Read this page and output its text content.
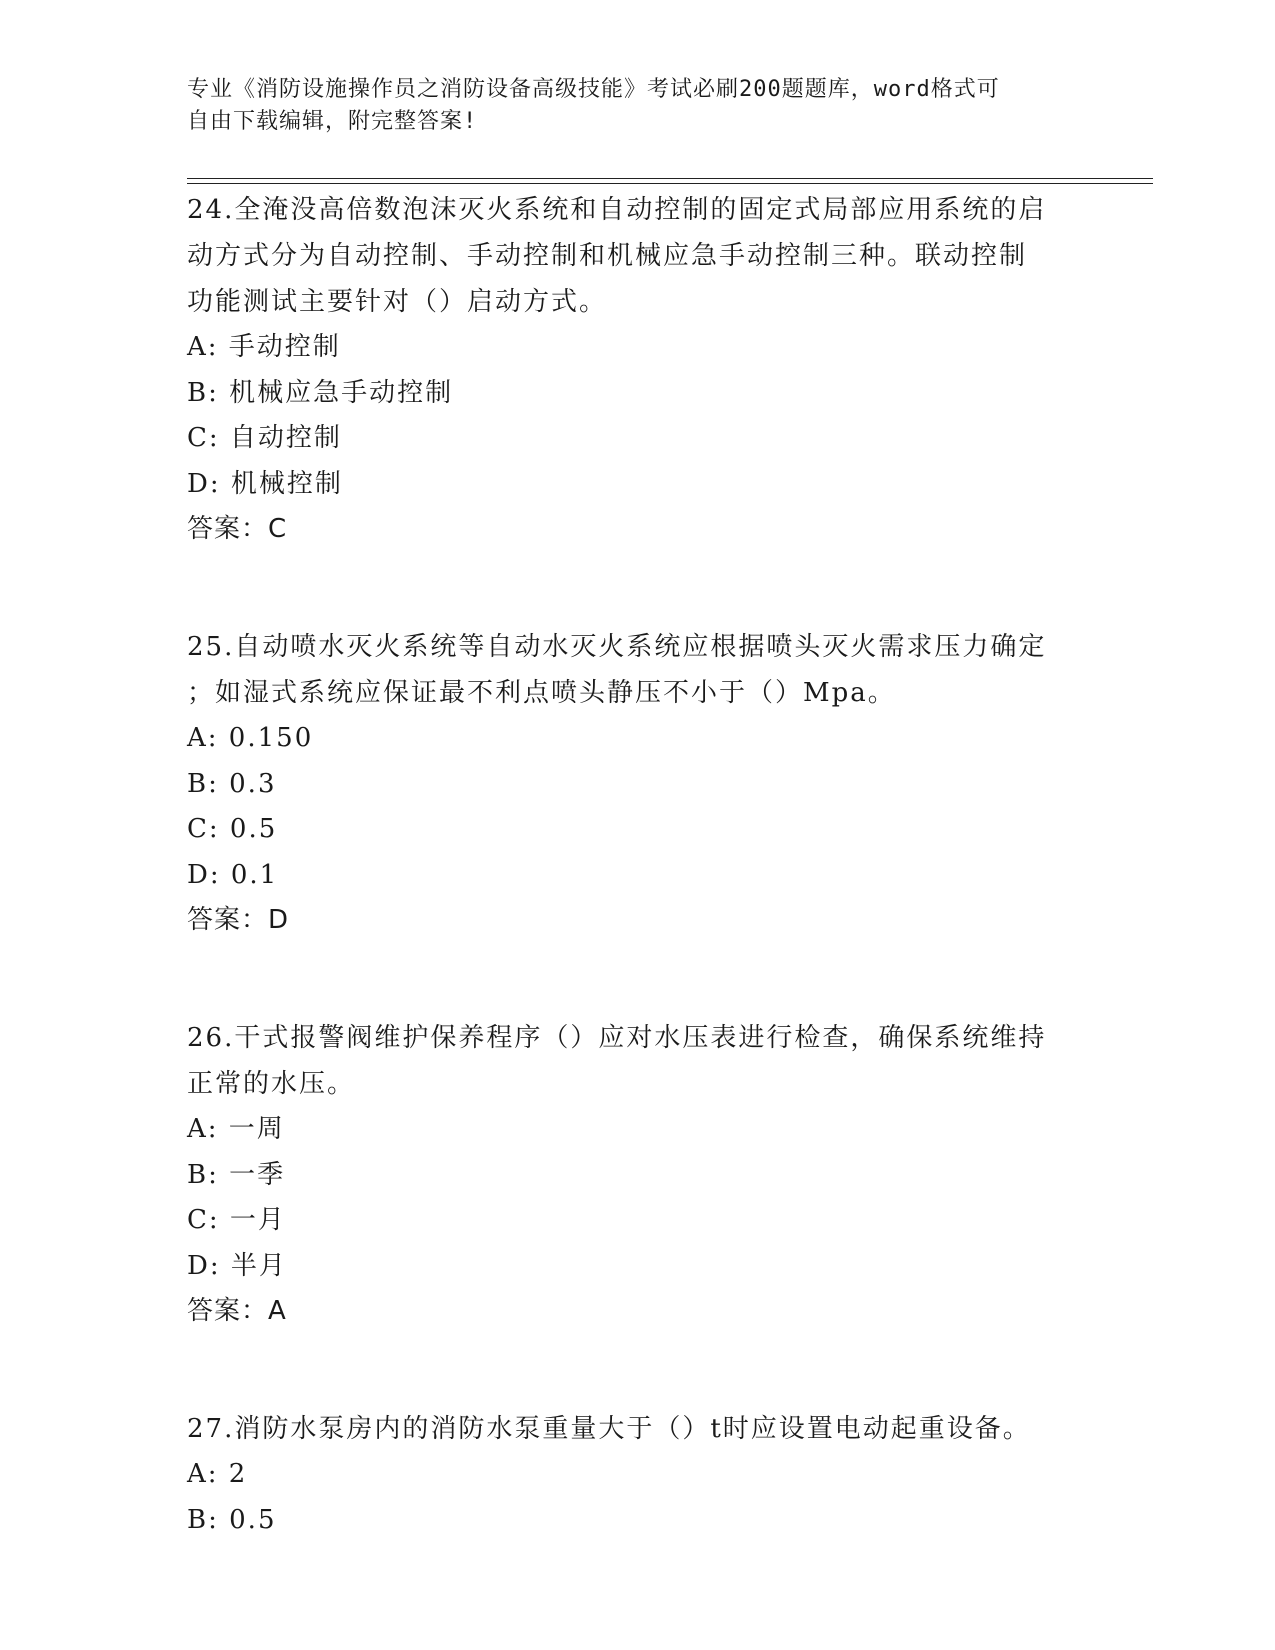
专业《消防设施操作员之消防设备高级技能》考试必刷200题题库，word格式可
自由下载编辑，附完整答案!
24.全淹没高倍数泡沫灭火系统和自动控制的固定式局部应用系统的启
动方式分为自动控制、手动控制和机械应急手动控制三种。联动控制
功能测试主要针对（）启动方式。
A: 手动控制
B: 机械应急手动控制
C: 自动控制
D: 机械控制
答案：C
25.自动喷水灭火系统等自动水灭火系统应根据喷头灭火需求压力确定
；如湿式系统应保证最不利点喷头静压不小于（）Mpa。
A: 0.150
B: 0.3
C: 0.5
D: 0.1
答案：D
26.干式报警阀维护保养程序（）应对水压表进行检查，确保系统维持
正常的水压。
A: 一周
B: 一季
C: 一月
D: 半月
答案：A
27.消防水泵房内的消防水泵重量大于（）t时应设置电动起重设备。
A: 2
B: 0.5
